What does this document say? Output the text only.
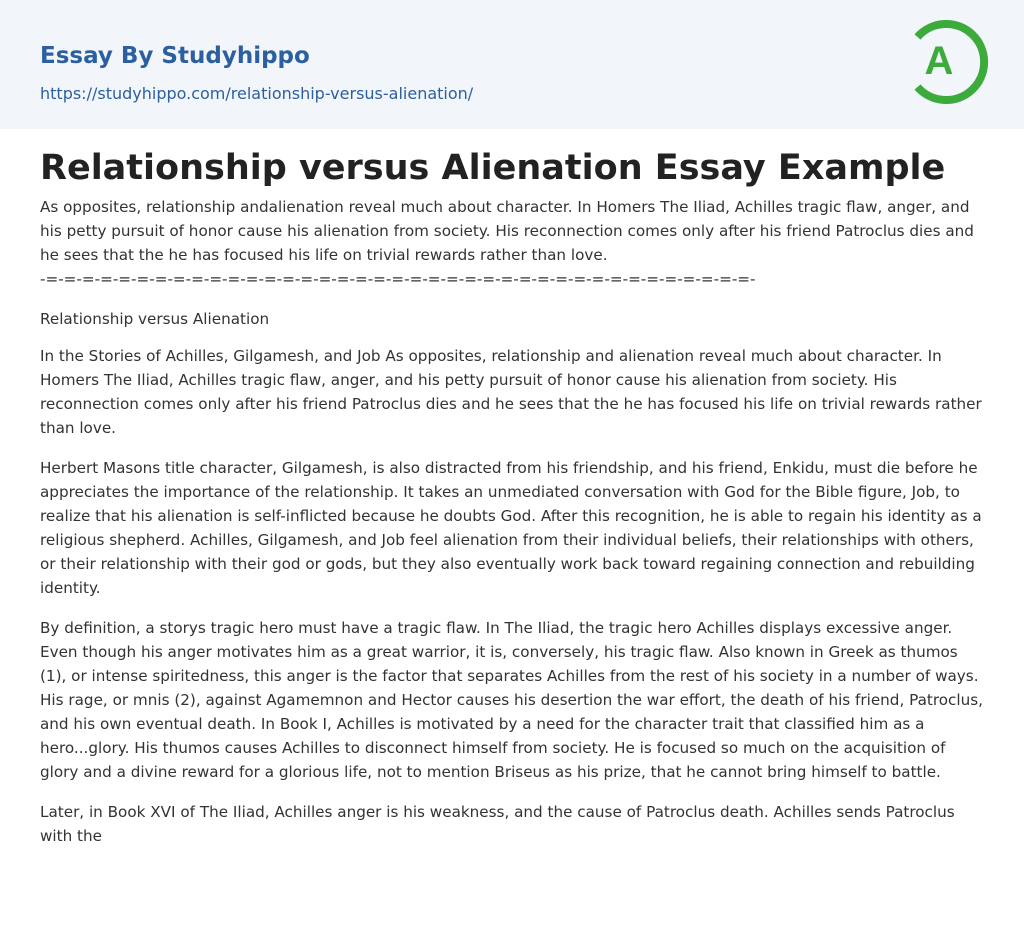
Essay By Studyhippo
https://studyhippo.com/relationship-versus-alienation/
A
Relationship versus Alienation Essay Example

As opposites, relationship andalienation reveal much about character. In Homers The Iliad, Achilles tragic flaw, anger, and his petty pursuit of honor cause his alienation from society. His reconnection comes only after his friend Patroclus dies and he sees that the he has focused his life on trivial rewards rather than love.

-=-=-=-=-=-=-=-=-=-=-=-=-=-=-=-=-=-=-=-=-=-=-=-=-=-=-=-=-=-=-=-=-=-=-=-=-=-=-=-

Relationship versus Alienation

In the Stories of Achilles, Gilgamesh, and Job As opposites, relationship and alienation reveal much about character. In Homers The Iliad, Achilles tragic flaw, anger, and his petty pursuit of honor cause his alienation from society. His reconnection comes only after his friend Patroclus dies and he sees that the he has focused his life on trivial rewards rather than love.

Herbert Masons title character, Gilgamesh, is also distracted from his friendship, and his friend, Enkidu, must die before he appreciates the importance of the relationship. It takes an unmediated conversation with God for the Bible figure, Job, to realize that his alienation is self-inflicted because he doubts God. After this recognition, he is able to regain his identity as a religious shepherd. Achilles, Gilgamesh, and Job feel alienation from their individual beliefs, their relationships with others, or their relationship with their god or gods, but they also eventually work back toward regaining connection and rebuilding identity.

By definition, a storys tragic hero must have a tragic flaw. In The Iliad, the tragic hero Achilles displays excessive anger. Even though his anger motivates him as a great warrior, it is, conversely, his tragic flaw. Also known in Greek as thumos (1), or intense spiritedness, this anger is the factor that separates Achilles from the rest of his society in a number of ways. His rage, or mnis (2), against Agamemnon and Hector causes his desertion the war effort, the death of his friend, Patroclus, and his own eventual death. In Book I, Achilles is motivated by a need for the character trait that classified him as a hero...glory. His thumos causes Achilles to disconnect himself from society. He is focused so much on the acquisition of glory and a divine reward for a glorious life, not to mention Briseus as his prize, that he cannot bring himself to battle.

Later, in Book XVI of The Iliad, Achilles anger is his weakness, and the cause of Patroclus death. Achilles sends Patroclus with the
